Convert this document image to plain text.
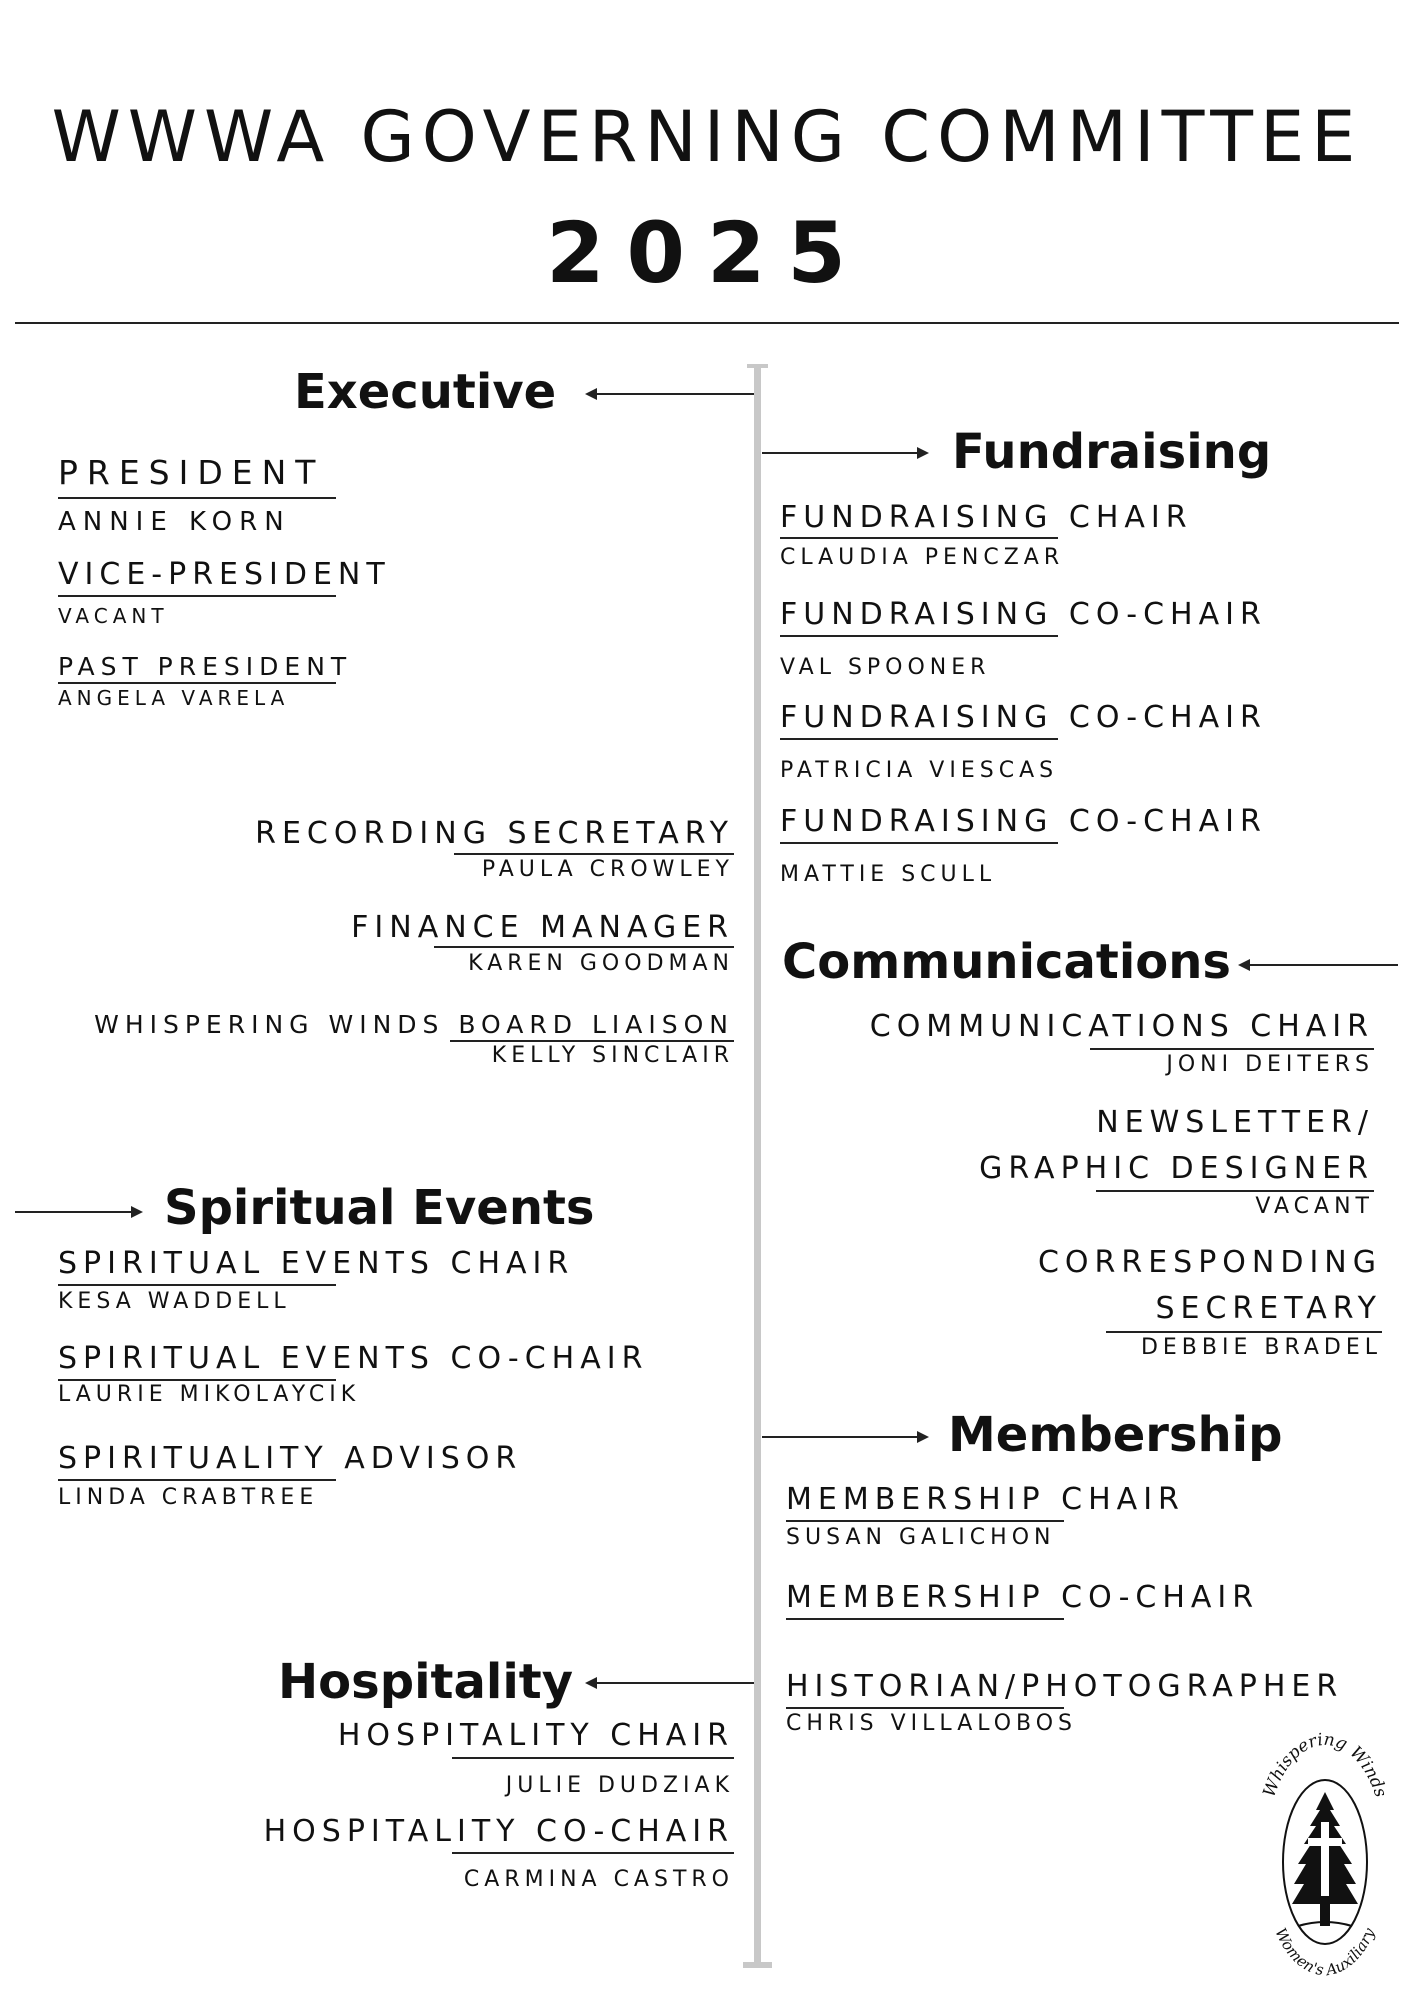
WWWA GOVERNING COMMITTEE
2025
Executive
PRESIDENT
ANNIE KORN
VICE-PRESIDENT
VACANT
PAST PRESIDENT
ANGELA VARELA
RECORDING SECRETARY
PAULA CROWLEY
FINANCE MANAGER
KAREN GOODMAN
WHISPERING WINDS BOARD LIAISON
KELLY SINCLAIR
Fundraising
FUNDRAISING CHAIR
CLAUDIA PENCZAR
FUNDRAISING CO-CHAIR
VAL SPOONER
FUNDRAISING CO-CHAIR
PATRICIA VIESCAS
FUNDRAISING CO-CHAIR
MATTIE SCULL
Communications
COMMUNICATIONS CHAIR
JONI DEITERS
NEWSLETTER/
GRAPHIC DESIGNER
VACANT
CORRESPONDING
SECRETARY
DEBBIE BRADEL
Spiritual Events
SPIRITUAL EVENTS CHAIR
KESA WADDELL
SPIRITUAL EVENTS CO-CHAIR
LAURIE MIKOLAYCIK
SPIRITUALITY ADVISOR
LINDA CRABTREE
Membership
MEMBERSHIP CHAIR
SUSAN GALICHON
MEMBERSHIP CO-CHAIR
HISTORIAN/PHOTOGRAPHER
CHRIS VILLALOBOS
Hospitality
HOSPITALITY CHAIR
JULIE DUDZIAK
HOSPITALITY CO-CHAIR
CARMINA CASTRO
Whispering Winds
Women's Auxiliary
